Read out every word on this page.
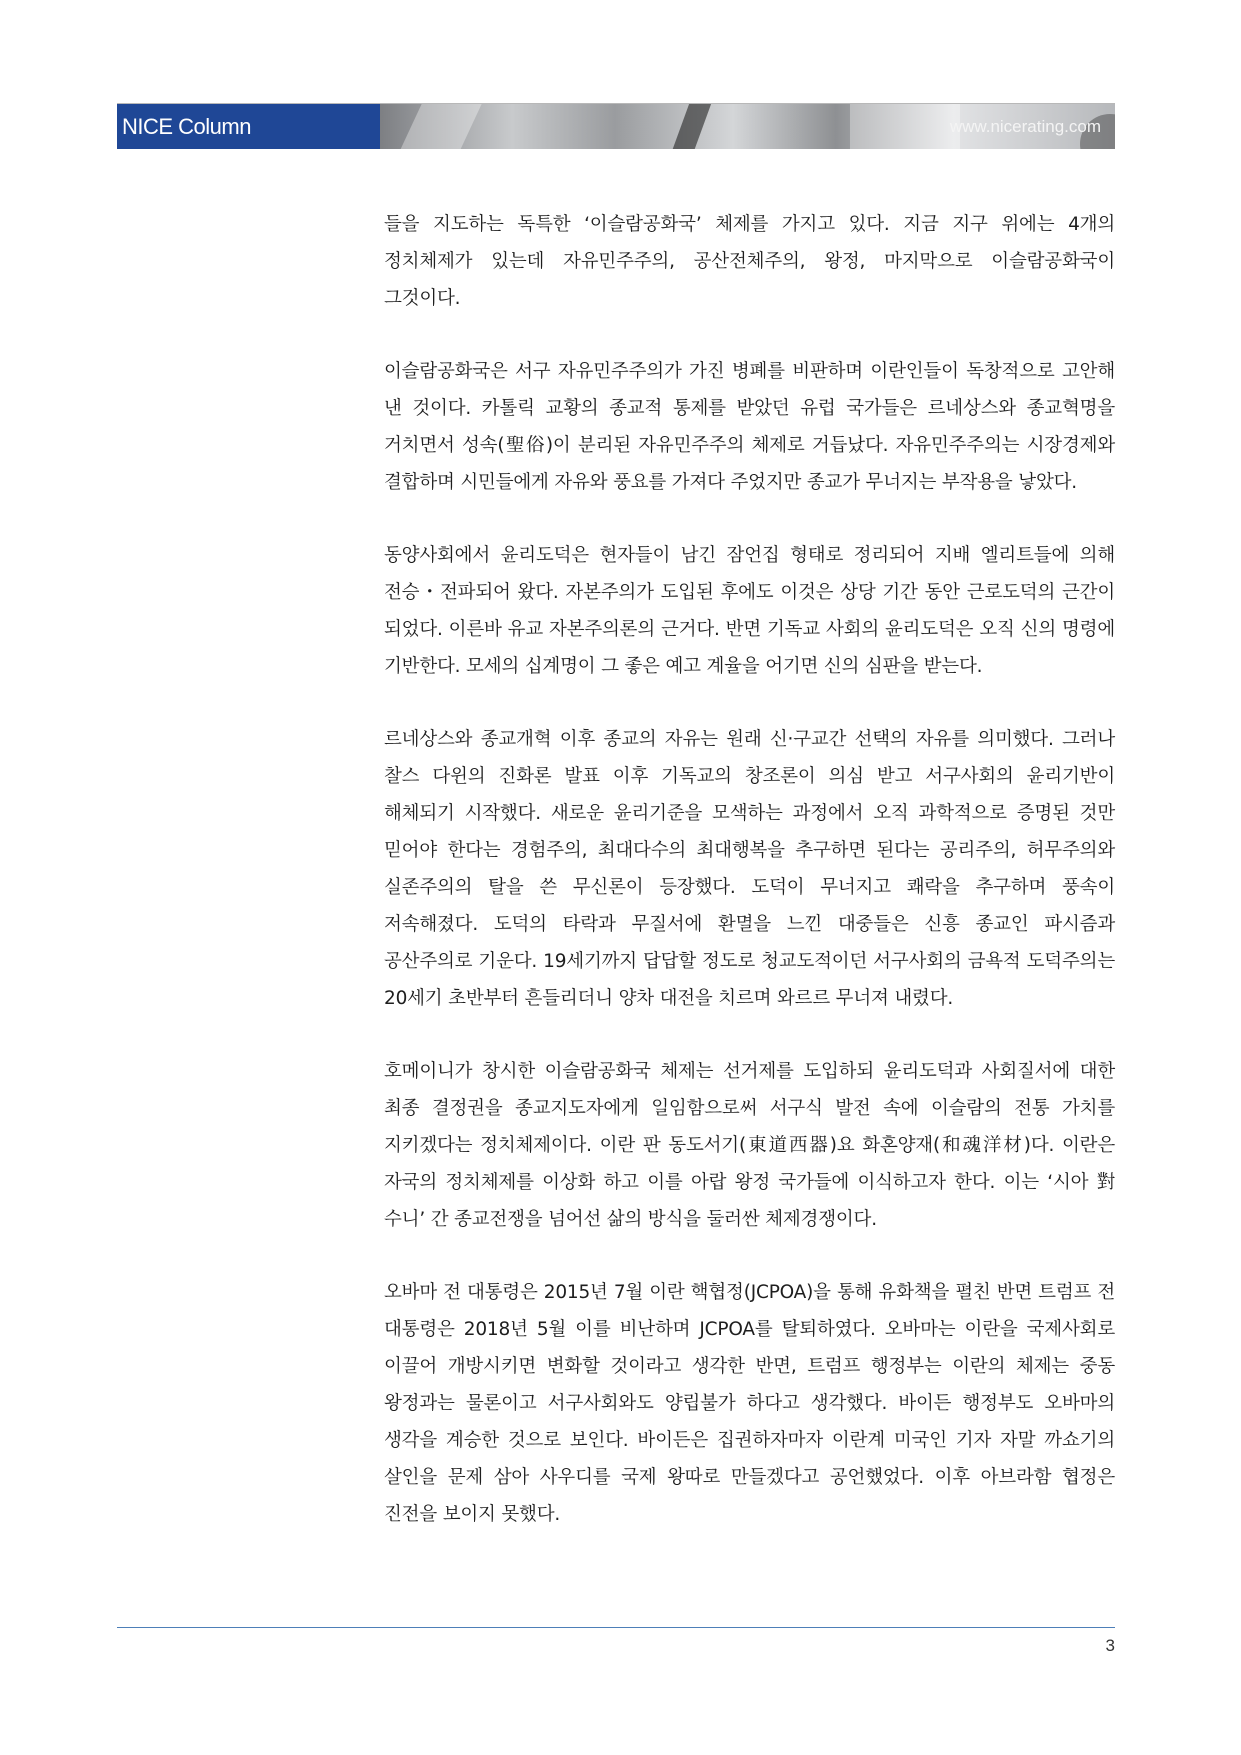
NICE Column	www.nicerating.com

들을 지도하는 독특한 ‘이슬람공화국’ 체제를 가지고 있다. 지금 지구 위에는 4개의 정치체제가 있는데 자유민주주의, 공산전체주의, 왕정, 마지막으로 이슬람공화국이 그것이다.

이슬람공화국은 서구 자유민주주의가 가진 병폐를 비판하며 이란인들이 독창적으로 고안해 낸 것이다. 카톨릭 교황의 종교적 통제를 받았던 유럽 국가들은 르네상스와 종교혁명을 거치면서 성속(聖俗)이 분리된 자유민주주의 체제로 거듭났다. 자유민주주의는 시장경제와 결합하며 시민들에게 자유와 풍요를 가져다 주었지만 종교가 무너지는 부작용을 낳았다.

동양사회에서 윤리도덕은 현자들이 남긴 잠언집 형태로 정리되어 지배 엘리트들에 의해 전승・전파되어 왔다. 자본주의가 도입된 후에도 이것은 상당 기간 동안 근로도덕의 근간이 되었다. 이른바 유교 자본주의론의 근거다. 반면 기독교 사회의 윤리도덕은 오직 신의 명령에 기반한다. 모세의 십계명이 그 좋은 예고 계율을 어기면 신의 심판을 받는다.

르네상스와 종교개혁 이후 종교의 자유는 원래 신·구교간 선택의 자유를 의미했다. 그러나 찰스 다윈의 진화론 발표 이후 기독교의 창조론이 의심 받고 서구사회의 윤리기반이 해체되기 시작했다. 새로운 윤리기준을 모색하는 과정에서 오직 과학적으로 증명된 것만 믿어야 한다는 경험주의, 최대다수의 최대행복을 추구하면 된다는 공리주의, 허무주의와 실존주의의 탈을 쓴 무신론이 등장했다. 도덕이 무너지고 쾌락을 추구하며 풍속이 저속해졌다. 도덕의 타락과 무질서에 환멸을 느낀 대중들은 신흥 종교인 파시즘과 공산주의로 기운다. 19세기까지 답답할 정도로 청교도적이던 서구사회의 금욕적 도덕주의는 20세기 초반부터 흔들리더니 양차 대전을 치르며 와르르 무너져 내렸다.

호메이니가 창시한 이슬람공화국 체제는 선거제를 도입하되 윤리도덕과 사회질서에 대한 최종 결정권을 종교지도자에게 일임함으로써 서구식 발전 속에 이슬람의 전통 가치를 지키겠다는 정치체제이다. 이란 판 동도서기(東道西器)요 화혼양재(和魂洋材)다. 이란은 자국의 정치체제를 이상화 하고 이를 아랍 왕정 국가들에 이식하고자 한다. 이는 ‘시아 對 수니’ 간 종교전쟁을 넘어선 삶의 방식을 둘러싼 체제경쟁이다.

오바마 전 대통령은 2015년 7월 이란 핵협정(JCPOA)을 통해 유화책을 펼친 반면 트럼프 전 대통령은 2018년 5월 이를 비난하며 JCPOA를 탈퇴하였다. 오바마는 이란을 국제사회로 이끌어 개방시키면 변화할 것이라고 생각한 반면, 트럼프 행정부는 이란의 체제는 중동 왕정과는 물론이고 서구사회와도 양립불가 하다고 생각했다. 바이든 행정부도 오바마의 생각을 계승한 것으로 보인다. 바이든은 집권하자마자 이란계 미국인 기자 자말 까쇼기의 살인을 문제 삼아 사우디를 국제 왕따로 만들겠다고 공언했었다. 이후 아브라함 협정은 진전을 보이지 못했다.

3
